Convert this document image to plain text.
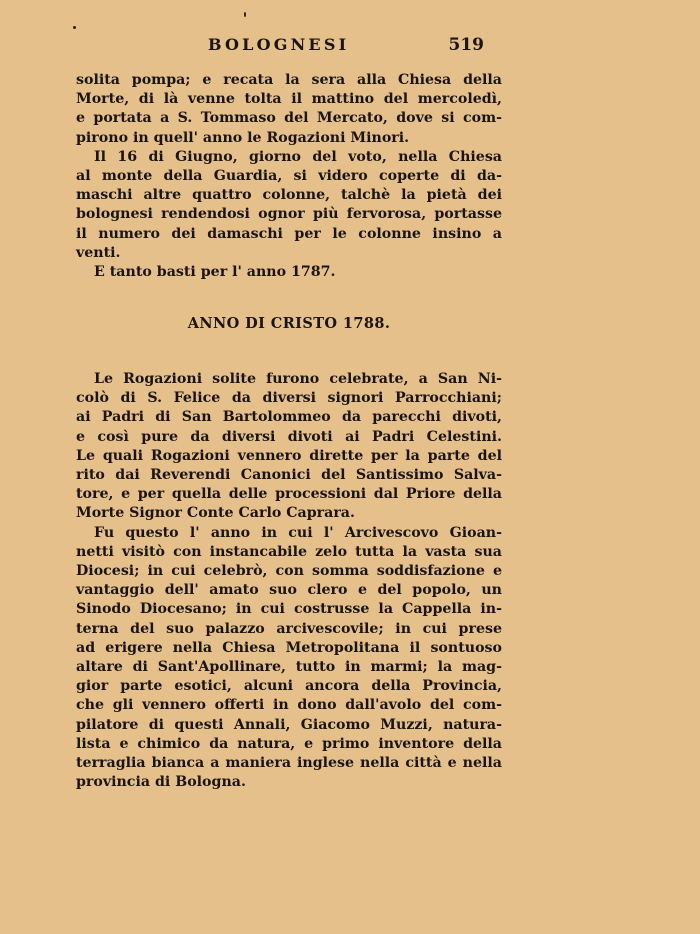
BOLOGNESI	519
solita pompa; e recata la sera alla Chiesa della
Morte, di là venne tolta il mattino del mercoledì,
e portata a S. Tommaso del Mercato, dove si com-
pirono in quell' anno le Rogazioni Minori.
Il 16 di Giugno, giorno del voto, nella Chiesa
al monte della Guardia, si videro coperte di da-
maschi altre quattro colonne, talchè la pietà dei
bolognesi rendendosi ognor più fervorosa, portasse
il numero dei damaschi per le colonne insino a
venti.
E tanto basti per l' anno 1787.
ANNO DI CRISTO 1788.
Le Rogazioni solite furono celebrate, a San Ni-
colò di S. Felice da diversi signori Parrocchiani;
ai Padri di San Bartolommeo da parecchi divoti,
e così pure da diversi divoti ai Padri Celestini.
Le quali Rogazioni vennero dirette per la parte del
rito dai Reverendi Canonici del Santissimo Salva-
tore, e per quella delle processioni dal Priore della
Morte Signor Conte Carlo Caprara.
Fu questo l' anno in cui l' Arcivescovo Gioan-
netti visitò con instancabile zelo tutta la vasta sua
Diocesi; in cui celebrò, con somma soddisfazione e
vantaggio dell' amato suo clero e del popolo, un
Sinodo Diocesano; in cui costrusse la Cappella in-
terna del suo palazzo arcivescovile; in cui prese
ad erigere nella Chiesa Metropolitana il sontuoso
altare di Sant'Apollinare, tutto in marmi; la mag-
gior parte esotici, alcuni ancora della Provincia,
che gli vennero offerti in dono dall'avolo del com-
pilatore di questi Annali, Giacomo Muzzi, natura-
lista e chimico da natura, e primo inventore della
terraglia bianca a maniera inglese nella città e nella
provincia di Bologna.
